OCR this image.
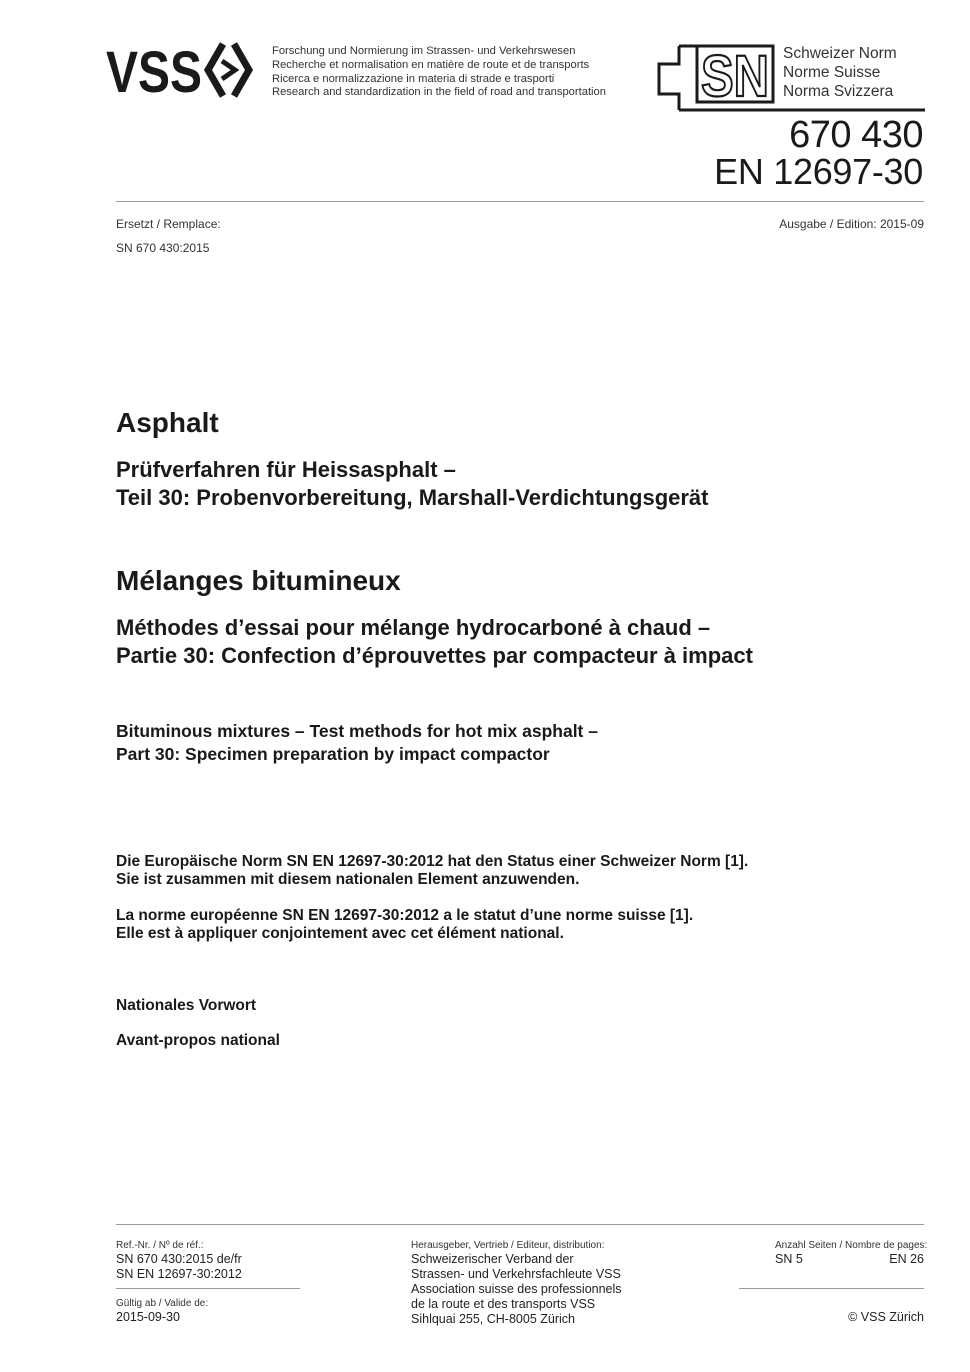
VSS	Forschung und Normierung im Strassen- und Verkehrswesen
Recherche et normalisation en matière de route et de transports
Ricerca e normalizzazione in materia di strade e trasporti
Research and standardization in the field of road and transportation SN Schweizer Norm
Norme Suisse
Norma Svizzera
670 430
EN 12697-30
Ersetzt / Remplace:
SN 670 430:2015
Ausgabe / Edition: 2015-09
Asphalt
Prüfverfahren für Heissasphalt –
Teil 30: Probenvorbereitung, Marshall-Verdichtungsgerät
Mélanges bitumineux
Méthodes d’essai pour mélange hydrocarboné à chaud –
Partie 30: Confection d’éprouvettes par compacteur à impact
Bituminous mixtures – Test methods for hot mix asphalt –
Part 30: Specimen preparation by impact compactor
Die Europäische Norm SN EN 12697-30:2012 hat den Status einer Schweizer Norm [1].
Sie ist zusammen mit diesem nationalen Element anzuwenden.
La norme européenne SN EN 12697-30:2012 a le statut d’une norme suisse [1].
Elle est à appliquer conjointement avec cet élément national.
Nationales Vorwort
Avant-propos national
Ref.-Nr. / Nº de réf.:
SN 670 430:2015 de/fr
SN EN 12697-30:2012
Gültig ab / Valide de:
2015-09-30
Herausgeber, Vertrieb / Editeur, distribution:
Schweizerischer Verband der
Strassen- und Verkehrsfachleute VSS
Association suisse des professionnels
de la route et des transports VSS
Sihlquai 255, CH-8005 Zürich
Anzahl Seiten / Nombre de pages:
SN 5	EN 26
© VSS Zürich
